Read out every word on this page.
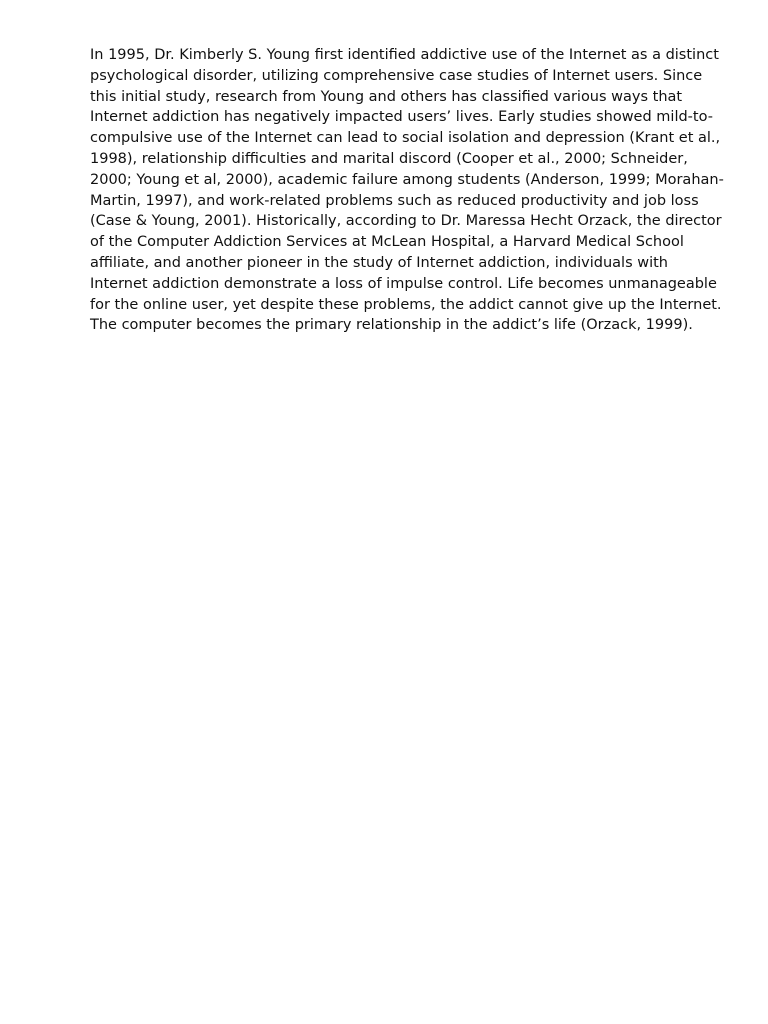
In 1995, Dr. Kimberly S. Young first identified addictive use of the Internet as a distinct psychological disorder, utilizing comprehensive case studies of Internet users. Since this initial study, research from Young and others has classified various ways that Internet addiction has negatively impacted users’ lives. Early studies showed mild-to-compulsive use of the Internet can lead to social isolation and depression (Krant et al., 1998), relationship difficulties and marital discord (Cooper et al., 2000; Schneider, 2000; Young et al, 2000), academic failure among students (Anderson, 1999; Morahan-Martin, 1997), and work-related problems such as reduced productivity and job loss (Case & Young, 2001). Historically, according to Dr. Maressa Hecht Orzack, the director of the Computer Addiction Services at McLean Hospital, a Harvard Medical School affiliate, and another pioneer in the study of Internet addiction, individuals with Internet addiction demonstrate a loss of impulse control. Life becomes unmanageable for the online user, yet despite these problems, the addict cannot give up the Internet. The computer becomes the primary relationship in the addict’s life (Orzack, 1999).
